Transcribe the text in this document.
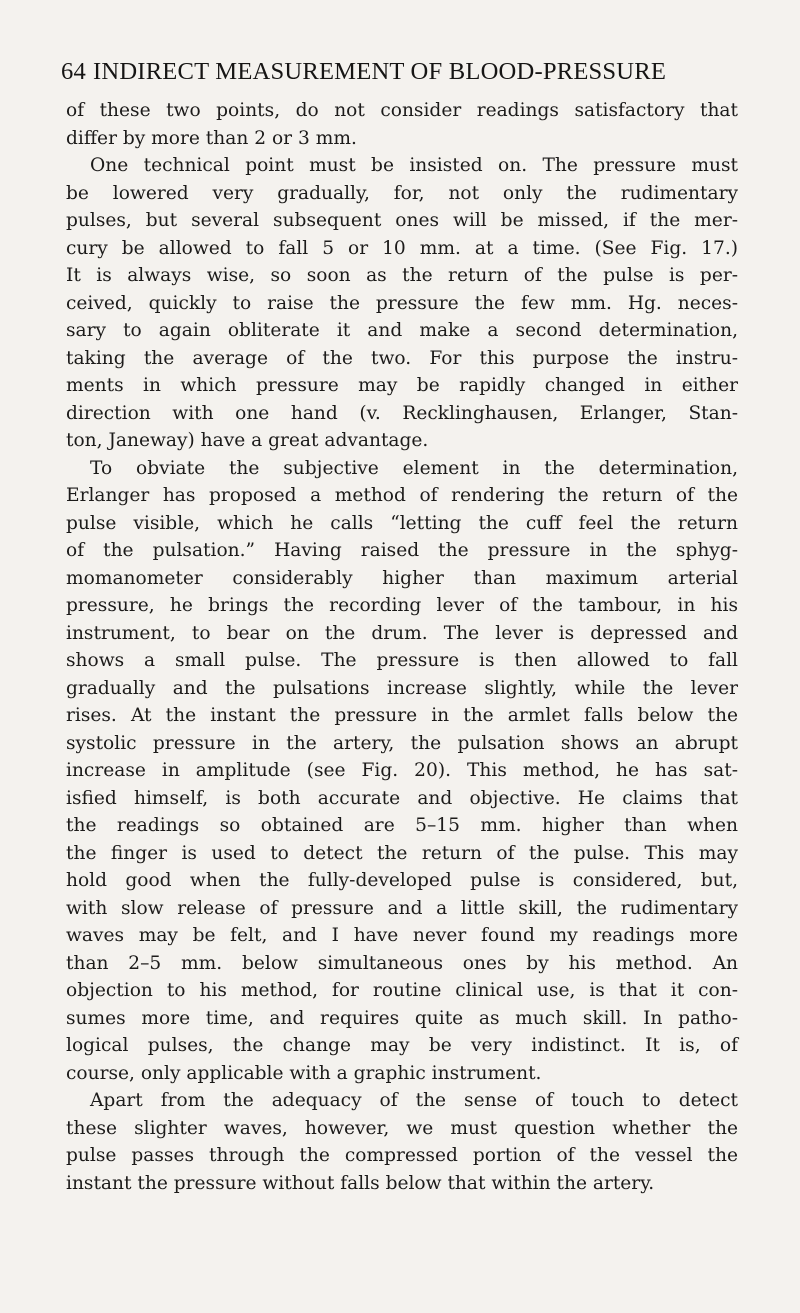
64 INDIRECT MEASUREMENT OF BLOOD-PRESSURE
of these two points, do not consider readings satisfactory that
differ by more than 2 or 3 mm.
One technical point must be insisted on. The pressure must
be lowered very gradually, for, not only the rudimentary
pulses, but several subsequent ones will be missed, if the mer-
cury be allowed to fall 5 or 10 mm. at a time. (See Fig. 17.)
It is always wise, so soon as the return of the pulse is per-
ceived, quickly to raise the pressure the few mm. Hg. neces-
sary to again obliterate it and make a second determination,
taking the average of the two. For this purpose the instru-
ments in which pressure may be rapidly changed in either
direction with one hand (v. Recklinghausen, Erlanger, Stan-
ton, Janeway) have a great advantage.
To obviate the subjective element in the determination,
Erlanger has proposed a method of rendering the return of the
pulse visible, which he calls “letting the cuff feel the return
of the pulsation.” Having raised the pressure in the sphyg-
momanometer considerably higher than maximum arterial
pressure, he brings the recording lever of the tambour, in his
instrument, to bear on the drum. The lever is depressed and
shows a small pulse. The pressure is then allowed to fall
gradually and the pulsations increase slightly, while the lever
rises. At the instant the pressure in the armlet falls below the
systolic pressure in the artery, the pulsation shows an abrupt
increase in amplitude (see Fig. 20). This method, he has sat-
isfied himself, is both accurate and objective. He claims that
the readings so obtained are 5–15 mm. higher than when
the finger is used to detect the return of the pulse. This may
hold good when the fully-developed pulse is considered, but,
with slow release of pressure and a little skill, the rudimentary
waves may be felt, and I have never found my readings more
than 2–5 mm. below simultaneous ones by his method. An
objection to his method, for routine clinical use, is that it con-
sumes more time, and requires quite as much skill. In patho-
logical pulses, the change may be very indistinct. It is, of
course, only applicable with a graphic instrument.
Apart from the adequacy of the sense of touch to detect
these slighter waves, however, we must question whether the
pulse passes through the compressed portion of the vessel the
instant the pressure without falls below that within the artery.
